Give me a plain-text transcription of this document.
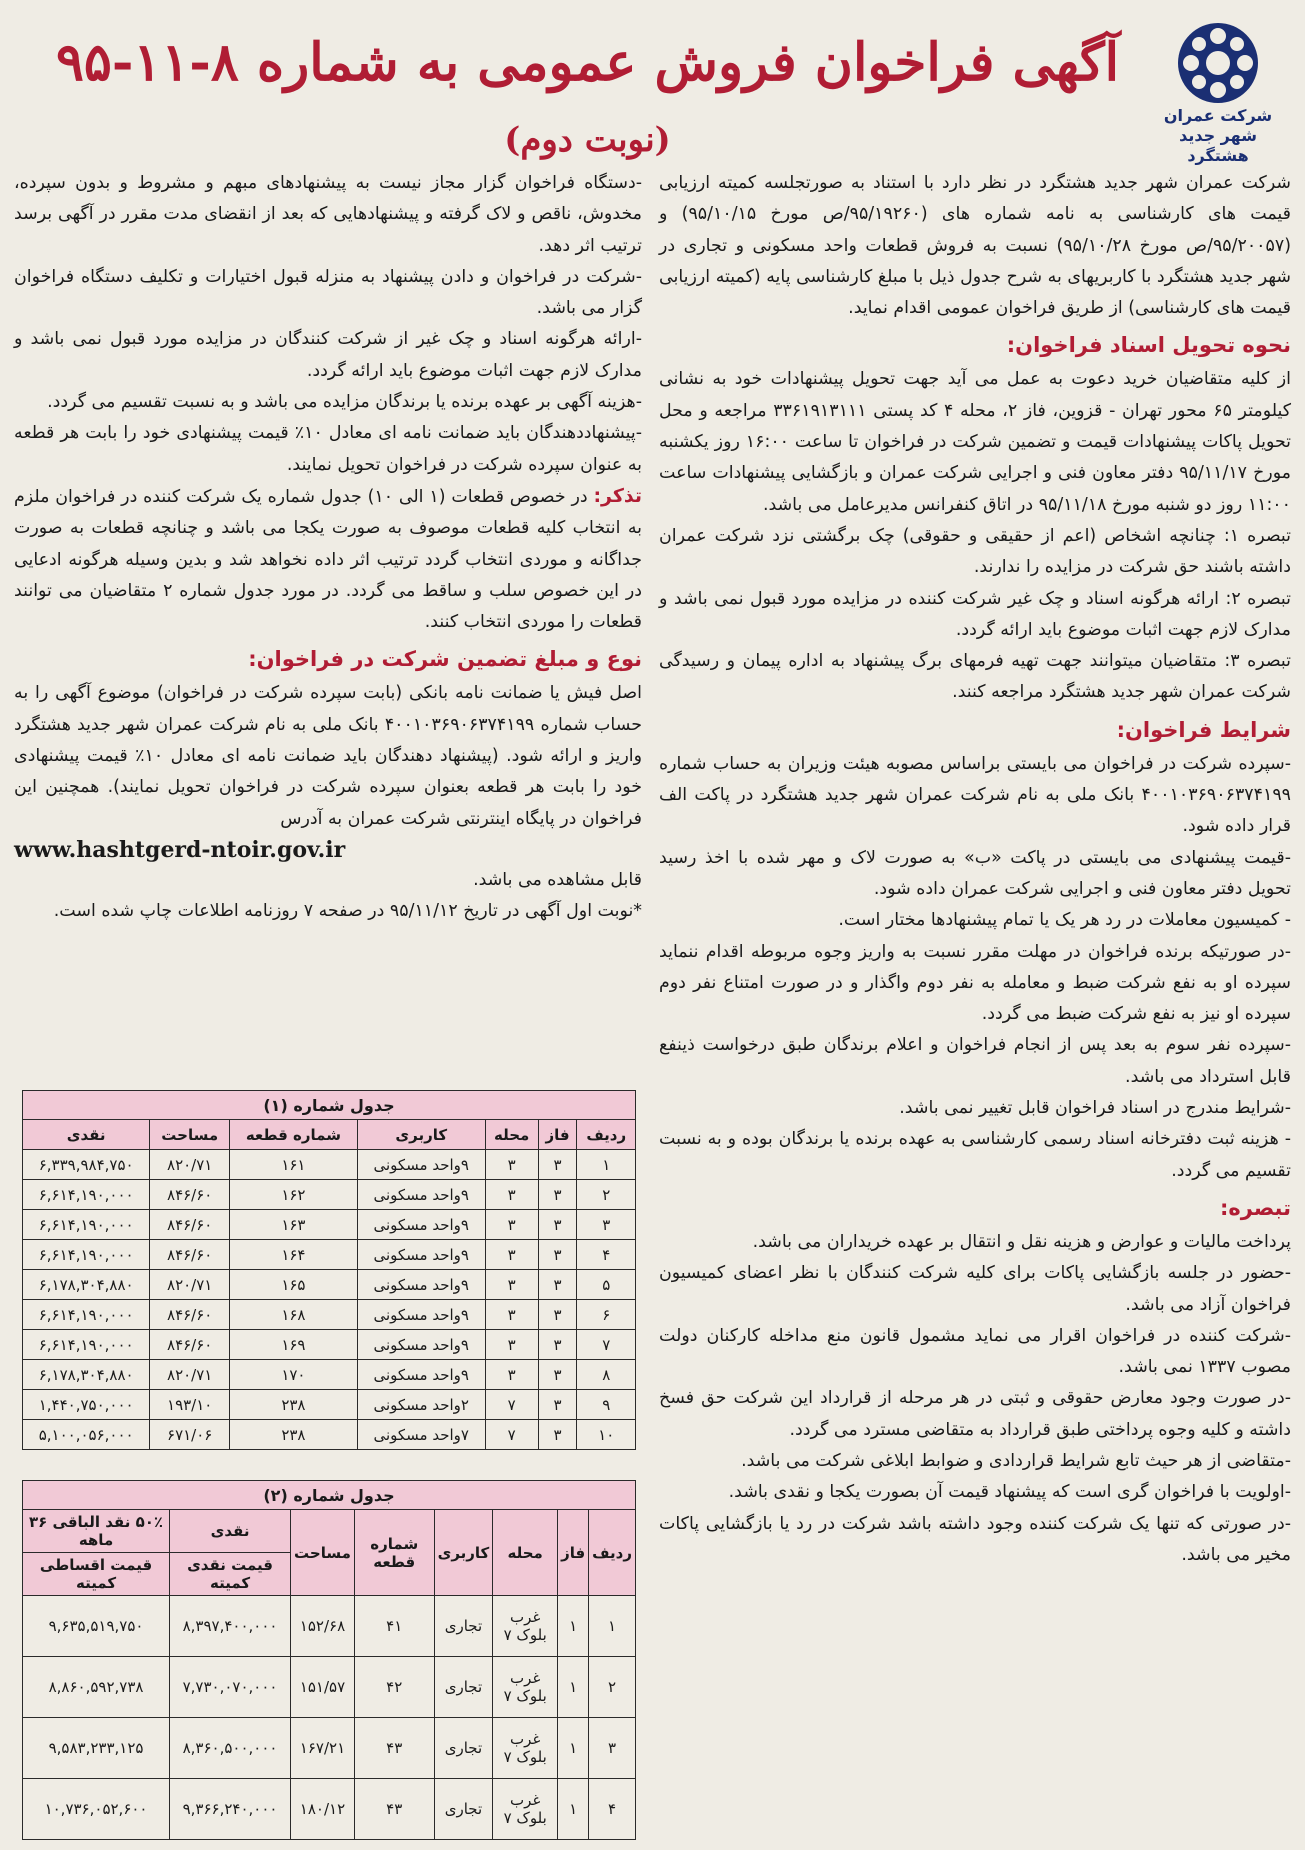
شرکت عمران
شهر جدید هشتگرد
آگهی فراخوان فروش عمومی به شماره ۸-۱۱-۹۵
(نوبت دوم)

شرکت عمران شهر جدید هشتگرد در نظر دارد با استناد به صورتجلسه کمیته ارزیابی قیمت های کارشناسی به نامه شماره های (۹۵/۱۹۲۶۰/ص مورخ ۹۵/۱۰/۱۵) و (۹۵/۲۰۰۵۷/ص مورخ ۹۵/۱۰/۲۸) نسبت به فروش قطعات واحد مسکونی و تجاری در شهر جدید هشتگرد با کاربریهای به شرح جدول ذیل با مبلغ کارشناسی پایه (کمیته ارزیابی قیمت های کارشناسی) از طریق فراخوان عمومی اقدام نماید.

نحوه تحویل اسناد فراخوان:

از کلیه متقاضیان خرید دعوت به عمل می آید جهت تحویل پیشنهادات خود به نشانی کیلومتر ۶۵ محور تهران - قزوین، فاز ۲، محله ۴ کد پستی ۳۳۶۱۹۱۳۱۱۱ مراجعه و محل تحویل پاکات پیشنهادات قیمت و تضمین شرکت در فراخوان تا ساعت ۱۶:۰۰ روز یکشنبه مورخ ۹۵/۱۱/۱۷ دفتر معاون فنی و اجرایی شرکت عمران و بازگشایی پیشنهادات ساعت ۱۱:۰۰ روز دو شنبه مورخ ۹۵/۱۱/۱۸ در اتاق کنفرانس مدیرعامل می باشد.

تبصره ۱: چنانچه اشخاص (اعم از حقیقی و حقوقی) چک برگشتی نزد شرکت عمران داشته باشند حق شرکت در مزایده را ندارند.

تبصره ۲: ارائه هرگونه اسناد و چک غیر شرکت کننده در مزایده مورد قبول نمی باشد و مدارک لازم جهت اثبات موضوع باید ارائه گردد.

تبصره ۳: متقاضیان میتوانند جهت تهیه فرمهای برگ پیشنهاد به اداره پیمان و رسیدگی شرکت عمران شهر جدید هشتگرد مراجعه کنند.

شرایط فراخوان:

-سپرده شرکت در فراخوان می بایستی براساس مصوبه هیئت وزیران به حساب شماره ۴۰۰۱۰۳۶۹۰۶۳۷۴۱۹۹ بانک ملی به نام شرکت عمران شهر جدید هشتگرد در پاکت الف قرار داده شود.

-قیمت پیشنهادی می بایستی در پاکت «ب» به صورت لاک و مهر شده با اخذ رسید تحویل دفتر معاون فنی و اجرایی شرکت عمران داده شود.

- کمیسیون معاملات در رد هر یک یا تمام پیشنهادها مختار است.

-در صورتیکه برنده فراخوان در مهلت مقرر نسبت به واریز وجوه مربوطه اقدام ننماید سپرده او به نفع شرکت ضبط و معامله به نفر دوم واگذار و در صورت امتناع نفر دوم سپرده او نیز به نفع شرکت ضبط می گردد.

-سپرده نفر سوم به بعد پس از انجام فراخوان و اعلام برندگان طبق درخواست ذینفع قابل استرداد می باشد.

-شرایط مندرج در اسناد فراخوان قابل تغییر نمی باشد.

- هزینه ثبت دفترخانه اسناد رسمی کارشناسی به عهده برنده یا برندگان بوده و به نسبت تقسیم می گردد.

تبصره:

پرداخت مالیات و عوارض و هزینه نقل و انتقال بر عهده خریداران می باشد.

-حضور در جلسه بازگشایی پاکات برای کلیه شرکت کنندگان با نظر اعضای کمیسیون فراخوان آزاد می باشد.

-شرکت کننده در فراخوان اقرار می نماید مشمول قانون منع مداخله کارکنان دولت مصوب ۱۳۳۷ نمی باشد.

-در صورت وجود معارض حقوقی و ثبتی در هر مرحله از قرارداد این شرکت حق فسخ داشته و کلیه وجوه پرداختی طبق قرارداد به متقاضی مسترد می گردد.

-متقاضی از هر حیث تابع شرایط قراردادی و ضوابط ابلاغی شرکت می باشد.

-اولویت با فراخوان گری است که پیشنهاد قیمت آن بصورت یکجا و نقدی باشد.

-در صورتی که تنها یک شرکت کننده وجود داشته باشد شرکت در رد یا بازگشایی پاکات مخیر می باشد.

-دستگاه فراخوان گزار مجاز نیست به پیشنهادهای مبهم و مشروط و بدون سپرده، مخدوش، ناقص و لاک گرفته و پیشنهادهایی که بعد از انقضای مدت مقرر در آگهی برسد ترتیب اثر دهد.

-شرکت در فراخوان و دادن پیشنهاد به منزله قبول اختیارات و تکلیف دستگاه فراخوان گزار می باشد.

-ارائه هرگونه اسناد و چک غیر از شرکت کنندگان در مزایده مورد قبول نمی باشد و مدارک لازم جهت اثبات موضوع باید ارائه گردد.

-هزینه آگهی بر عهده برنده یا برندگان مزایده می باشد و به نسبت تقسیم می گردد.

-پیشنهاددهندگان باید ضمانت نامه ای معادل ۱۰٪ قیمت پیشنهادی خود را بابت هر قطعه به عنوان سپرده شرکت در فراخوان تحویل نمایند.

تذکر: در خصوص قطعات (۱ الی ۱۰) جدول شماره یک شرکت کننده در فراخوان ملزم به انتخاب کلیه قطعات موصوف به صورت یکجا می باشد و چنانچه قطعات به صورت جداگانه و موردی انتخاب گردد ترتیب اثر داده نخواهد شد و بدین وسیله هرگونه ادعایی در این خصوص سلب و ساقط می گردد. در مورد جدول شماره ۲ متقاضیان می توانند قطعات را موردی انتخاب کنند.

نوع و مبلغ تضمین شرکت در فراخوان:

اصل فیش یا ضمانت نامه بانکی (بابت سپرده شرکت در فراخوان) موضوع آگهی را به حساب شماره ۴۰۰۱۰۳۶۹۰۶۳۷۴۱۹۹ بانک ملی به نام شرکت عمران شهر جدید هشتگرد واریز و ارائه شود. (پیشنهاد دهندگان باید ضمانت نامه ای معادل ۱۰٪ قیمت پیشنهادی خود را بابت هر قطعه بعنوان سپرده شرکت در فراخوان تحویل نمایند). همچنین این فراخوان در پایگاه اینترنتی شرکت عمران به آدرس

www.hashtgerd-ntoir.gov.ir

قابل مشاهده می باشد.

*نوبت اول آگهی در تاریخ ۹۵/۱۱/۱۲ در صفحه ۷ روزنامه اطلاعات چاپ شده است.

جدول شماره (۱)						
ردیف	فاز	محله	کاربری	شماره قطعه	مساحت	نقدی
۱	۳	۳	۹واحد مسکونی	۱۶۱	۸۲۰/۷۱	۶,۳۳۹,۹۸۴,۷۵۰
۲	۳	۳	۹واحد مسکونی	۱۶۲	۸۴۶/۶۰	۶,۶۱۴,۱۹۰,۰۰۰
۳	۳	۳	۹واحد مسکونی	۱۶۳	۸۴۶/۶۰	۶,۶۱۴,۱۹۰,۰۰۰
۴	۳	۳	۹واحد مسکونی	۱۶۴	۸۴۶/۶۰	۶,۶۱۴,۱۹۰,۰۰۰
۵	۳	۳	۹واحد مسکونی	۱۶۵	۸۲۰/۷۱	۶,۱۷۸,۳۰۴,۸۸۰
۶	۳	۳	۹واحد مسکونی	۱۶۸	۸۴۶/۶۰	۶,۶۱۴,۱۹۰,۰۰۰
۷	۳	۳	۹واحد مسکونی	۱۶۹	۸۴۶/۶۰	۶,۶۱۴,۱۹۰,۰۰۰
۸	۳	۳	۹واحد مسکونی	۱۷۰	۸۲۰/۷۱	۶,۱۷۸,۳۰۴,۸۸۰
۹	۳	۷	۲واحد مسکونی	۲۳۸	۱۹۳/۱۰	۱,۴۴۰,۷۵۰,۰۰۰
۱۰	۳	۷	۷واحد مسکونی	۲۳۸	۶۷۱/۰۶	۵,۱۰۰,۰۵۶,۰۰۰
جدول شماره (۲)							
ردیف	فاز	محله	کاربری	شماره قطعه	مساحت	نقدی	۵۰٪ نقد الباقی ۳۶ ماهه
						قیمت نقدی کمیته	قیمت اقساطی کمیته
۱	۱	غرب بلوک ۷	تجاری	۴۱	۱۵۲/۶۸	۸,۳۹۷,۴۰۰,۰۰۰	۹,۶۳۵,۵۱۹,۷۵۰
۲	۱	غرب بلوک ۷	تجاری	۴۲	۱۵۱/۵۷	۷,۷۳۰,۰۷۰,۰۰۰	۸,۸۶۰,۵۹۲,۷۳۸
۳	۱	غرب بلوک ۷	تجاری	۴۳	۱۶۷/۲۱	۸,۳۶۰,۵۰۰,۰۰۰	۹,۵۸۳,۲۳۳,۱۲۵
۴	۱	غرب بلوک ۷	تجاری	۴۳	۱۸۰/۱۲	۹,۳۶۶,۲۴۰,۰۰۰	۱۰,۷۳۶,۰۵۲,۶۰۰
